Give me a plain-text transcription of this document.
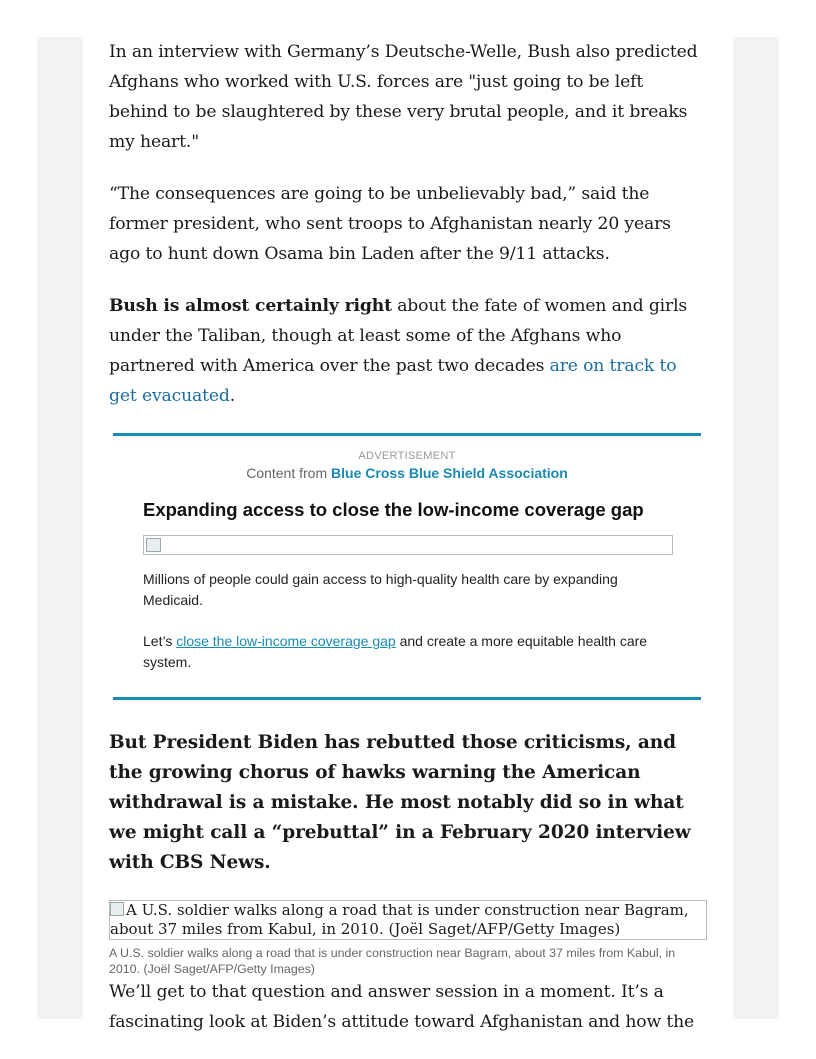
In an interview with Germany’s Deutsche-Welle, Bush also predicted Afghans who worked with U.S. forces are "just going to be left behind to be slaughtered by these very brutal people, and it breaks my heart."

“The consequences are going to be unbelievably bad,” said the former president, who sent troops to Afghanistan nearly 20 years ago to hunt down Osama bin Laden after the 9/11 attacks.

Bush is almost certainly right about the fate of women and girls under the Taliban, though at least some of the Afghans who partnered with America over the past two decades are on track to get evacuated.

ADVERTISEMENT
Content from Blue Cross Blue Shield Association
Expanding access to close the low-income coverage gap
Millions of people could gain access to high-quality health care by expanding Medicaid.
Let’s close the low-income coverage gap and create a more equitable health care system.
But President Biden has rebutted those criticisms, and the growing chorus of hawks warning the American withdrawal is a mistake. He most notably did so in what we might call a “prebuttal” in a February 2020 interview with CBS News.
A U.S. soldier walks along a road that is under construction near Bagram, about 37 miles from Kabul, in 2010. (Joël Saget/AFP/Getty Images)
A U.S. soldier walks along a road that is under construction near Bagram, about 37 miles from Kabul, in 2010. (Joël Saget/AFP/Getty Images)

We’ll get to that question and answer session in a moment. It’s a fascinating look at Biden’s attitude toward Afghanistan and how the
